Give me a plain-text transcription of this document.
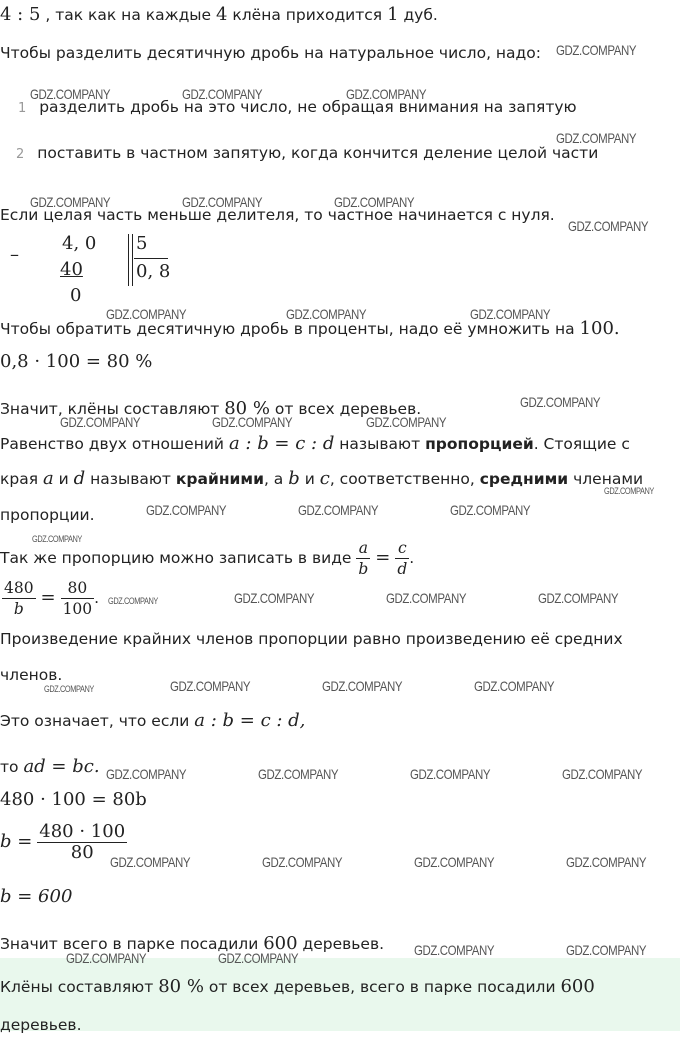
4 : 5 , так как на каждые 4 клёна приходится 1 дуб.
Чтобы разделить десятичную дробь на натуральное число, надо:
1 разделить дробь на это число, не обращая внимания на запятую
2 поставить в частном запятую, когда кончится деление целой части
Если целая часть меньше делителя, то частное начинается с нуля.
–
4, 0
40
0
5
0, 8
Чтобы обратить десятичную дробь в проценты, надо её умножить на 100.
0,8 · 100 = 80 %
Значит, клёны составляют 80 % от всех деревьев.
Равенство двух отношений a : b = c : d называют пропорцией. Стоящие с
края a и d называют крайними, а b и c, соответственно, средними членами
пропорции.
Так же пропорцию можно записать в виде $\frac{a}{b} = \frac{c}{d}$ .
$\frac{480}{b} = \frac{80}{100}$ .
Произведение крайних членов пропорции равно произведению её средних
членов.
Это означает, что если a : b = c : d,
то ad = bc.
480 · 100 = 80b
$b = \frac{480 \cdot 100}{80}$
b = 600
Значит всего в парке посадили 600 деревьев.
Клёны составляют 80 % от всех деревьев, всего в парке посадили 600 деревьев.
GDZ.COMPANY
GDZ.COMPANY	GDZ.COMPANY	GDZ.COMPANY
GDZ.COMPANY
GDZ.COMPANY	GDZ.COMPANY	GDZ.COMPANY
GDZ.COMPANY
GDZ.COMPANY	GDZ.COMPANY	GDZ.COMPANY
GDZ.COMPANY
GDZ.COMPANY	GDZ.COMPANY	GDZ.COMPANY
GDZ.COMPANY
GDZ.COMPANY	GDZ.COMPANY	GDZ.COMPANY
GDZ.COMPANY
GDZ.COMPANY	GDZ.COMPANY	GDZ.COMPANY	GDZ.COMPANY
GDZ.COMPANY	GDZ.COMPANY	GDZ.COMPANY	GDZ.COMPANY
GDZ.COMPANY	GDZ.COMPANY	GDZ.COMPANY	GDZ.COMPANY
GDZ.COMPANY	GDZ.COMPANY	GDZ.COMPANY	GDZ.COMPANY
GDZ.COMPANY	GDZ.COMPANY
GDZ.COMPANY	GDZ.COMPANY
